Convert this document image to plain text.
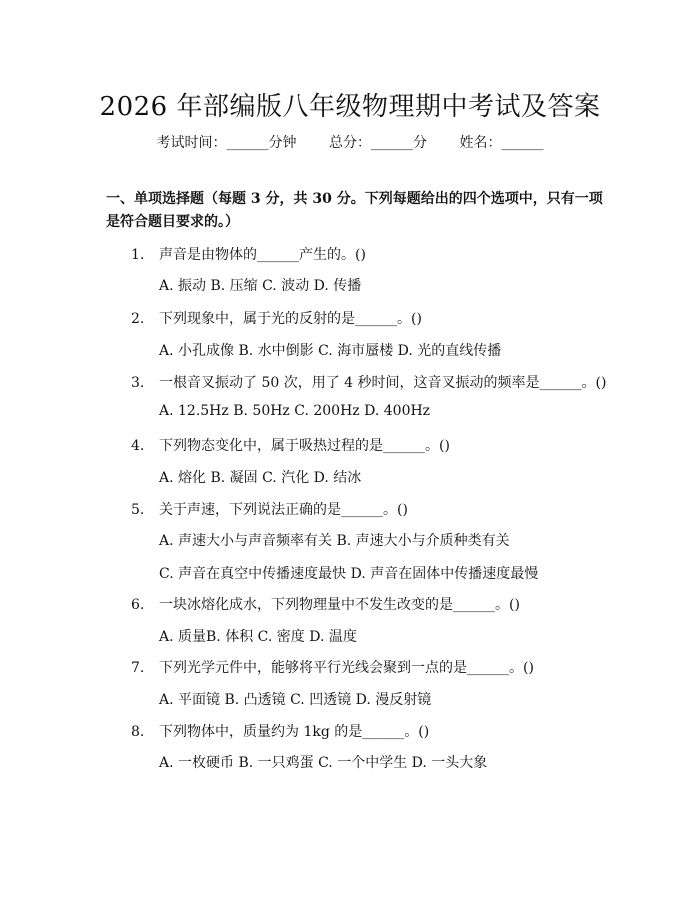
2026 年部编版八年级物理期中考试及答案
考试时间：______分钟 总分：______分 姓名：______
一、单项选择题（每题 3 分，共 30 分。下列每题给出的四个选项中，只有一项是符合题目要求的。）
1. 声音是由物体的______产生的。()
A. 振动 B. 压缩 C. 波动 D. 传播
2. 下列现象中，属于光的反射的是______。()
A. 小孔成像 B. 水中倒影 C. 海市蜃楼 D. 光的直线传播
3. 一根音叉振动了 50 次，用了 4 秒时间，这音叉振动的频率是______。()
A. 12.5Hz B. 50Hz C. 200Hz D. 400Hz
4. 下列物态变化中，属于吸热过程的是______。()
A. 熔化 B. 凝固 C. 汽化 D. 结冰
5. 关于声速，下列说法正确的是______。()
A. 声速大小与声音频率有关 B. 声速大小与介质种类有关
C. 声音在真空中传播速度最快 D. 声音在固体中传播速度最慢
6. 一块冰熔化成水，下列物理量中不发生改变的是______。()
A. 质量B. 体积 C. 密度 D. 温度
7. 下列光学元件中，能够将平行光线会聚到一点的是______。()
A. 平面镜 B. 凸透镜 C. 凹透镜 D. 漫反射镜
8. 下列物体中，质量约为 1kg 的是______。()
A. 一枚硬币 B. 一只鸡蛋 C. 一个中学生 D. 一头大象
